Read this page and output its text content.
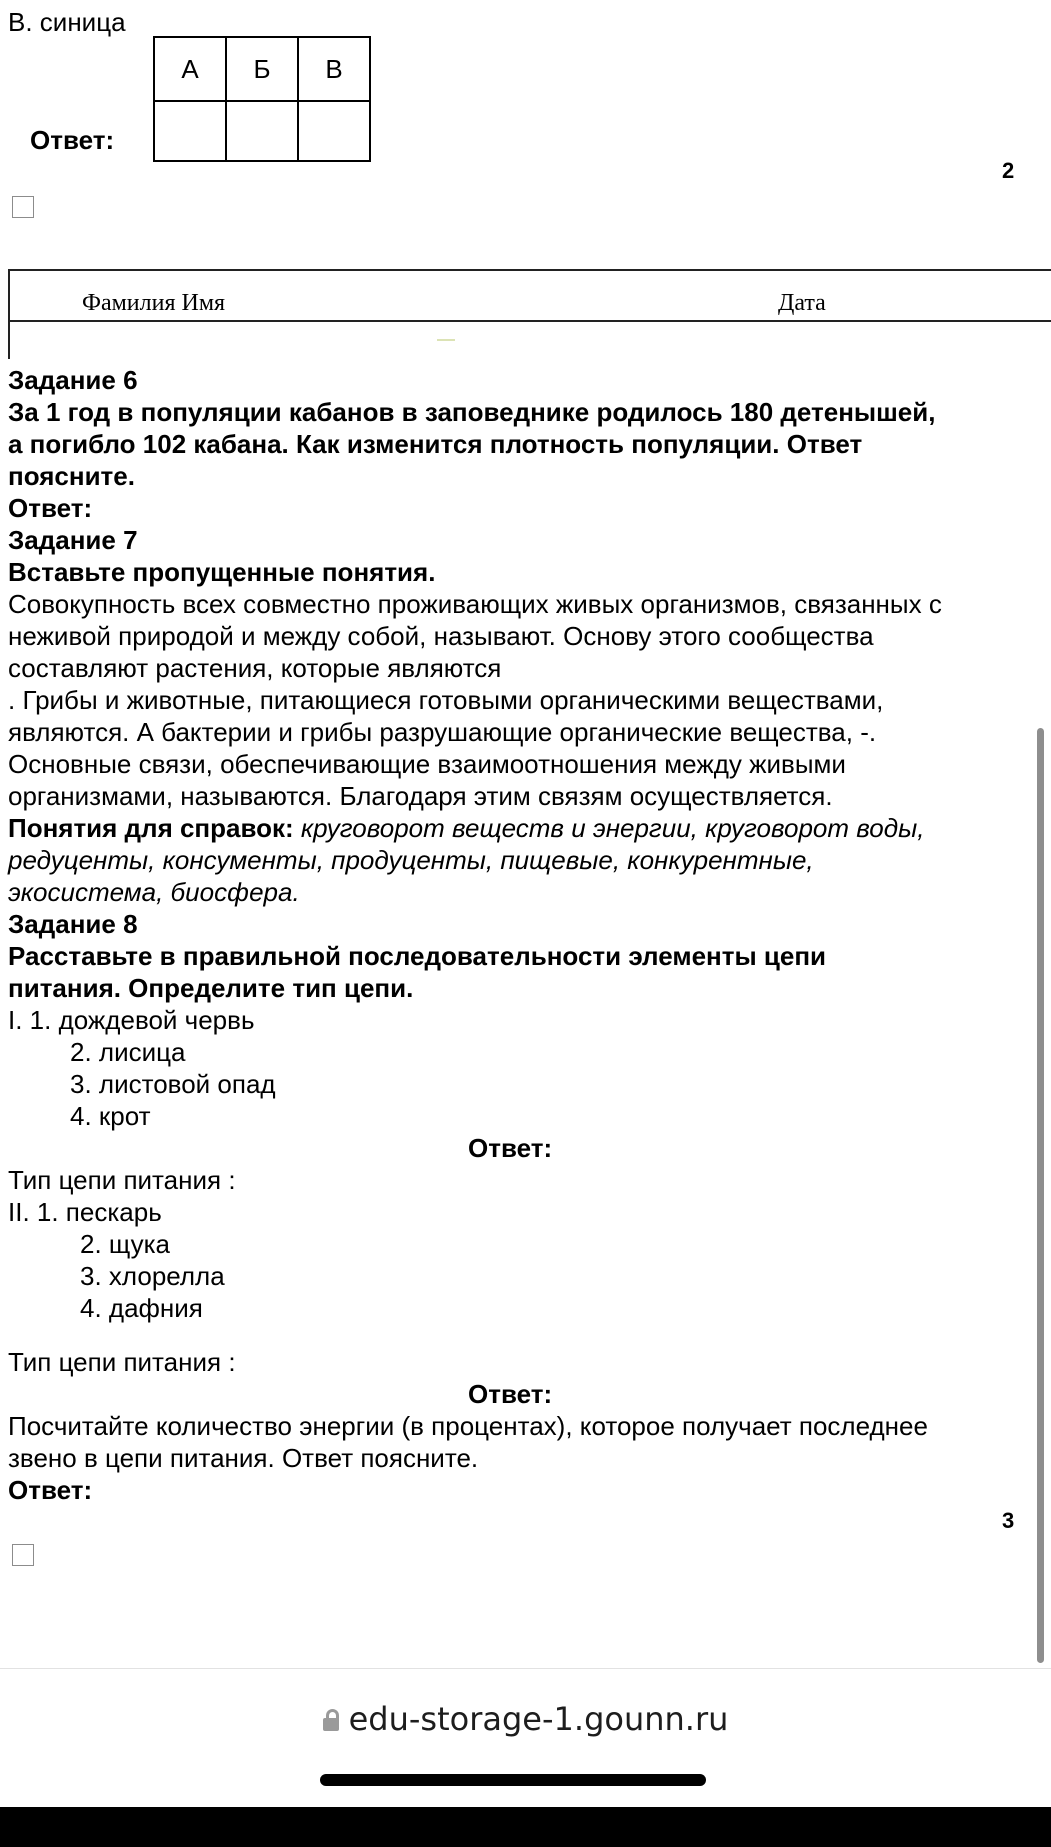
В. синица
А	Б	В

Ответ:
2
Фамилия Имя	Дата
Задание 6
За 1 год в популяции кабанов в заповеднике родилось 180 детенышей,
а погибло 102 кабана. Как изменится плотность популяции. Ответ
поясните.
Ответ:
Задание 7
Вставьте пропущенные понятия.
Совокупность всех совместно проживающих живых организмов, связанных с
неживой природой и между собой, называют. Основу этого сообщества
составляют растения, которые являются
. Грибы и животные, питающиеся готовыми органическими веществами,
являются. А бактерии и грибы разрушающие органические вещества, -.
Основные связи, обеспечивающие взаимоотношения между живыми
организмами, называются. Благодаря этим связям осуществляется.
Понятия для справок: круговорот веществ и энергии, круговорот воды,
редуценты, консументы, продуценты, пищевые, конкурентные,
экосистема, биосфера.
Задание 8
Расставьте в правильной последовательности элементы цепи
питания. Определите тип цепи.
I. 1. дождевой червь
2. лисица
3. листовой опад
4. крот
Ответ:
Тип цепи питания :
II. 1. пескарь
2. щука
3. хлорелла
4. дафния
Тип цепи питания :
Ответ:
Посчитайте количество энергии (в процентах), которое получает последнее
звено в цепи питания. Ответ поясните.
Ответ:
3
edu-storage-1.gounn.ru
